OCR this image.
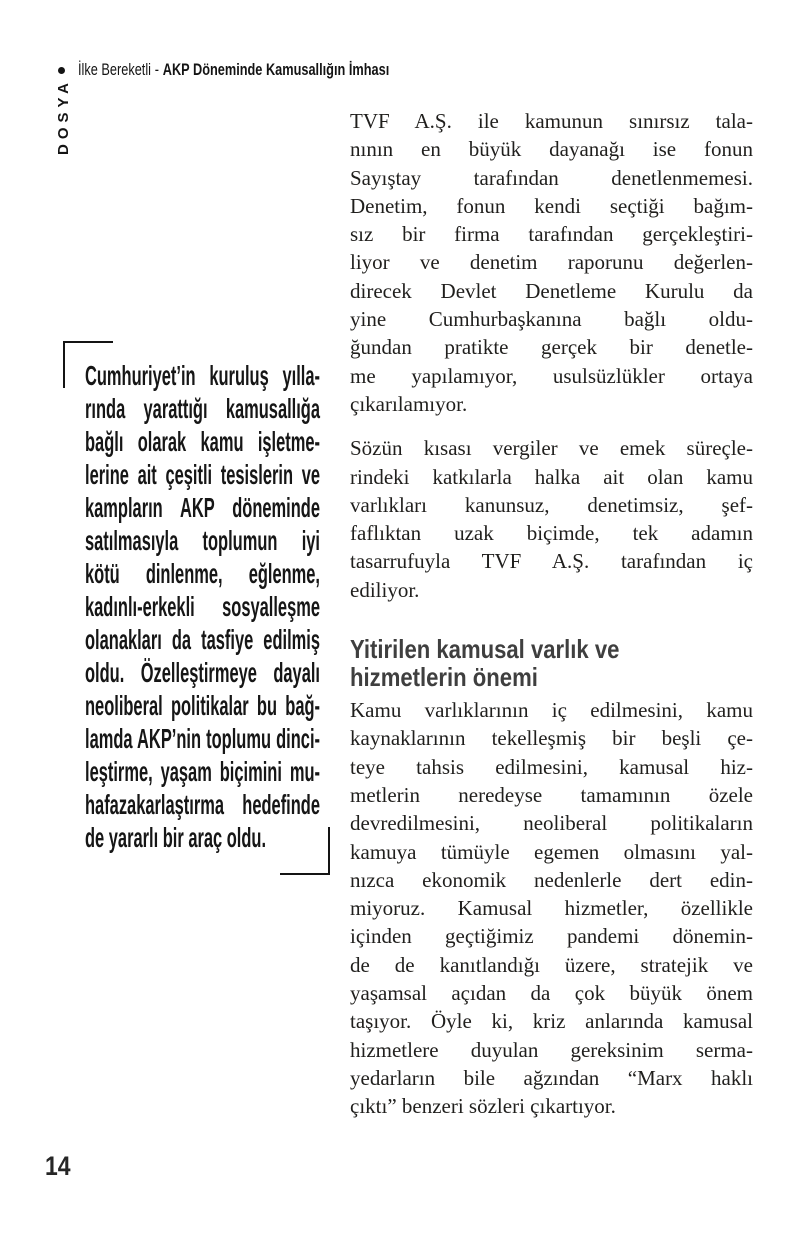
İlke Bereketli - AKP Döneminde Kamusallığın İmhası
DOSYA
Cumhuriyet’in kuruluş yılla-
rında yarattığı kamusallığa
bağlı olarak kamu işletme-
lerine ait çeşitli tesislerin ve
kampların AKP döneminde
satılmasıyla toplumun iyi
kötü dinlenme, eğlenme,
kadınlı-erkekli sosyalleşme
olanakları da tasfiye edilmiş
oldu. Özelleştirmeye dayalı
neoliberal politikalar bu bağ-
lamda AKP’nin toplumu dinci-
leştirme, yaşam biçimini mu-
hafazakarlaştırma hedefinde
de yararlı bir araç oldu.
TVF A.Ş. ile kamunun sınırsız tala-
nının en büyük dayanağı ise fonun
Sayıştay tarafından denetlenmemesi.
Denetim, fonun kendi seçtiği bağım-
sız bir firma tarafından gerçekleştiri-
liyor ve denetim raporunu değerlen-
direcek Devlet Denetleme Kurulu da
yine Cumhurbaşkanına bağlı oldu-
ğundan pratikte gerçek bir denetle-
me yapılamıyor, usulsüzlükler ortaya
çıkarılamıyor.
Sözün kısası vergiler ve emek süreçle-
rindeki katkılarla halka ait olan kamu
varlıkları kanunsuz, denetimsiz, şef-
faflıktan uzak biçimde, tek adamın
tasarrufuyla TVF A.Ş. tarafından iç
ediliyor.
Yitirilen kamusal varlık ve
hizmetlerin önemi
Kamu varlıklarının iç edilmesini, kamu
kaynaklarının tekelleşmiş bir beşli çe-
teye tahsis edilmesini, kamusal hiz-
metlerin neredeyse tamamının özele
devredilmesini, neoliberal politikaların
kamuya tümüyle egemen olmasını yal-
nızca ekonomik nedenlerle dert edin-
miyoruz. Kamusal hizmetler, özellikle
içinden geçtiğimiz pandemi dönemin-
de de kanıtlandığı üzere, stratejik ve
yaşamsal açıdan da çok büyük önem
taşıyor. Öyle ki, kriz anlarında kamusal
hizmetlere duyulan gereksinim serma-
yedarların bile ağzından “Marx haklı
çıktı” benzeri sözleri çıkartıyor.
14
